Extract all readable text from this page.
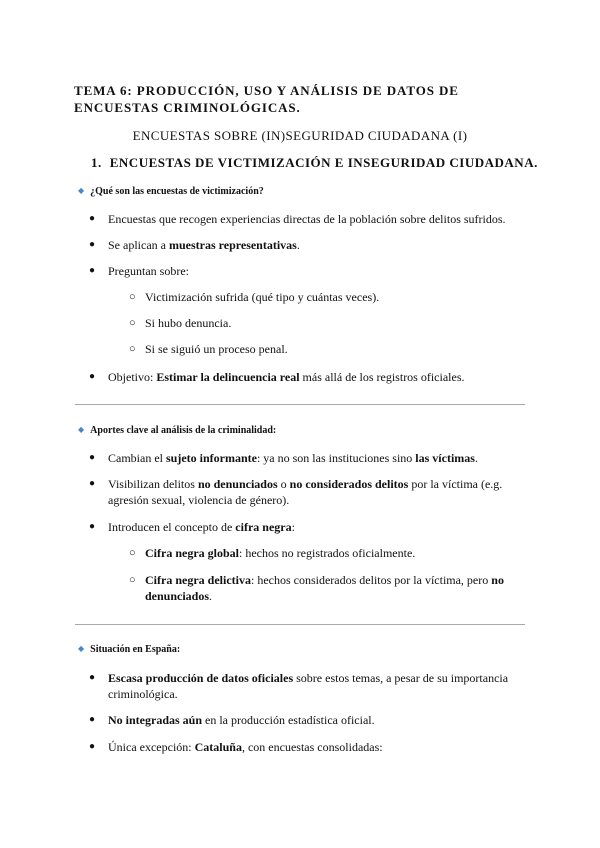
TEMA 6: PRODUCCIÓN, USO Y ANÁLISIS DE DATOS DE ENCUESTAS CRIMINOLÓGICAS.
ENCUESTAS SOBRE (IN)SEGURIDAD CIUDADANA (I)
1. ENCUESTAS DE VICTIMIZACIÓN E INSEGURIDAD CIUDADANA.
◆ ¿Qué son las encuestas de victimización?
● Encuestas que recogen experiencias directas de la población sobre delitos sufridos.
● Se aplican a muestras representativas.
● Preguntan sobre:
○ Victimización sufrida (qué tipo y cuántas veces).
○ Si hubo denuncia.
○ Si se siguió un proceso penal.
● Objetivo: Estimar la delincuencia real más allá de los registros oficiales.
◆ Aportes clave al análisis de la criminalidad:
● Cambian el sujeto informante: ya no son las instituciones sino las víctimas.
● Visibilizan delitos no denunciados o no considerados delitos por la víctima (e.g. agresión sexual, violencia de género).
● Introducen el concepto de cifra negra:
○ Cifra negra global: hechos no registrados oficialmente.
○ Cifra negra delictiva: hechos considerados delitos por la víctima, pero no denunciados.
◆ Situación en España:
● Escasa producción de datos oficiales sobre estos temas, a pesar de su importancia criminológica.
● No integradas aún en la producción estadística oficial.
● Única excepción: Cataluña, con encuestas consolidadas:
